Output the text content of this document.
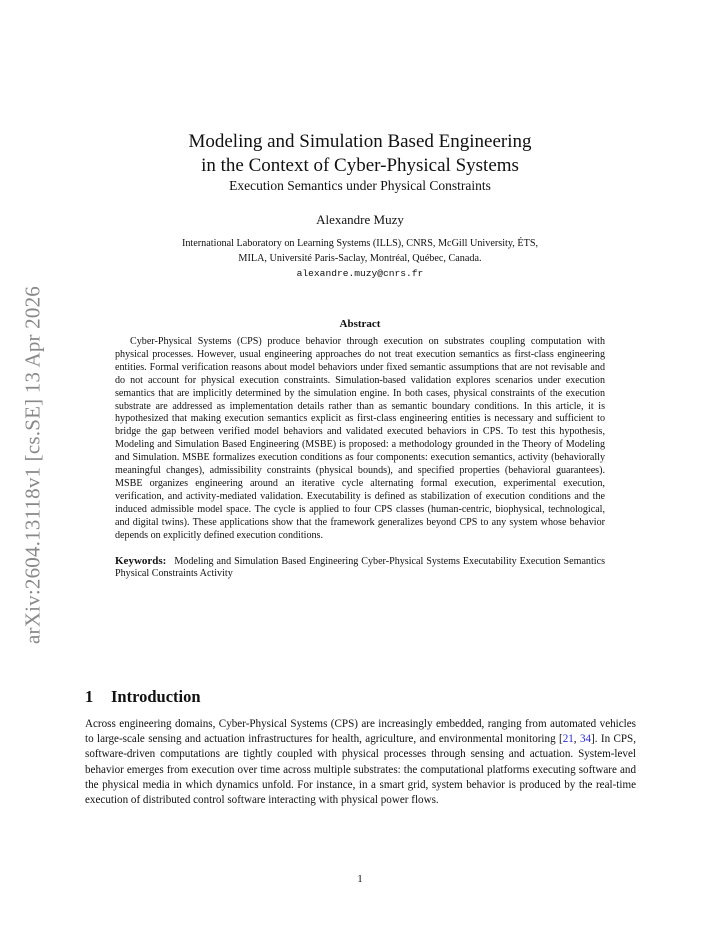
arXiv:2604.13118v1 [cs.SE] 13 Apr 2026
Modeling and Simulation Based Engineering
in the Context of Cyber-Physical Systems
Execution Semantics under Physical Constraints
Alexandre Muzy
International Laboratory on Learning Systems (ILLS), CNRS, McGill University, ÉTS,
MILA, Université Paris-Saclay, Montréal, Québec, Canada.
alexandre.muzy@cnrs.fr
Abstract

Cyber-Physical Systems (CPS) produce behavior through execution on substrates coupling computation with physical processes. However, usual engineering approaches do not treat execution semantics as first-class engineering entities. Formal verification reasons about model behaviors under fixed semantic assumptions that are not revisable and do not account for physical execution constraints. Simulation-based validation explores scenarios under execution semantics that are implicitly determined by the simulation engine. In both cases, physical constraints of the execution substrate are addressed as implementation details rather than as semantic boundary conditions. In this article, it is hypothesized that making execution semantics explicit as first-class engineering entities is necessary and sufficient to bridge the gap between verified model behaviors and validated executed behaviors in CPS. To test this hypothesis, Modeling and Simulation Based Engineering (MSBE) is proposed: a methodology grounded in the Theory of Modeling and Simulation. MSBE formalizes execution conditions as four components: execution semantics, activity (behaviorally meaningful changes), admissibility constraints (physical bounds), and specified properties (behavioral guarantees). MSBE organizes engineering around an iterative cycle alternating formal execution, experimental execution, verification, and activity-mediated validation. Executability is defined as stabilization of execution conditions and the induced admissible model space. The cycle is applied to four CPS classes (human-centric, biophysical, technological, and digital twins). These applications show that the framework generalizes beyond CPS to any system whose behavior depends on explicitly defined execution conditions.

Keywords: Modeling and Simulation Based Engineering Cyber-Physical Systems Executability Execution Semantics Physical Constraints Activity
1 Introduction

Across engineering domains, Cyber-Physical Systems (CPS) are increasingly embedded, ranging from automated vehicles to large-scale sensing and actuation infrastructures for health, agriculture, and environmental monitoring [21, 34]. In CPS, software-driven computations are tightly coupled with physical processes through sensing and actuation. System-level behavior emerges from execution over time across multiple substrates: the computational platforms executing software and the physical media in which dynamics unfold. For instance, in a smart grid, system behavior is produced by the real-time execution of distributed control software interacting with physical power flows.

1
